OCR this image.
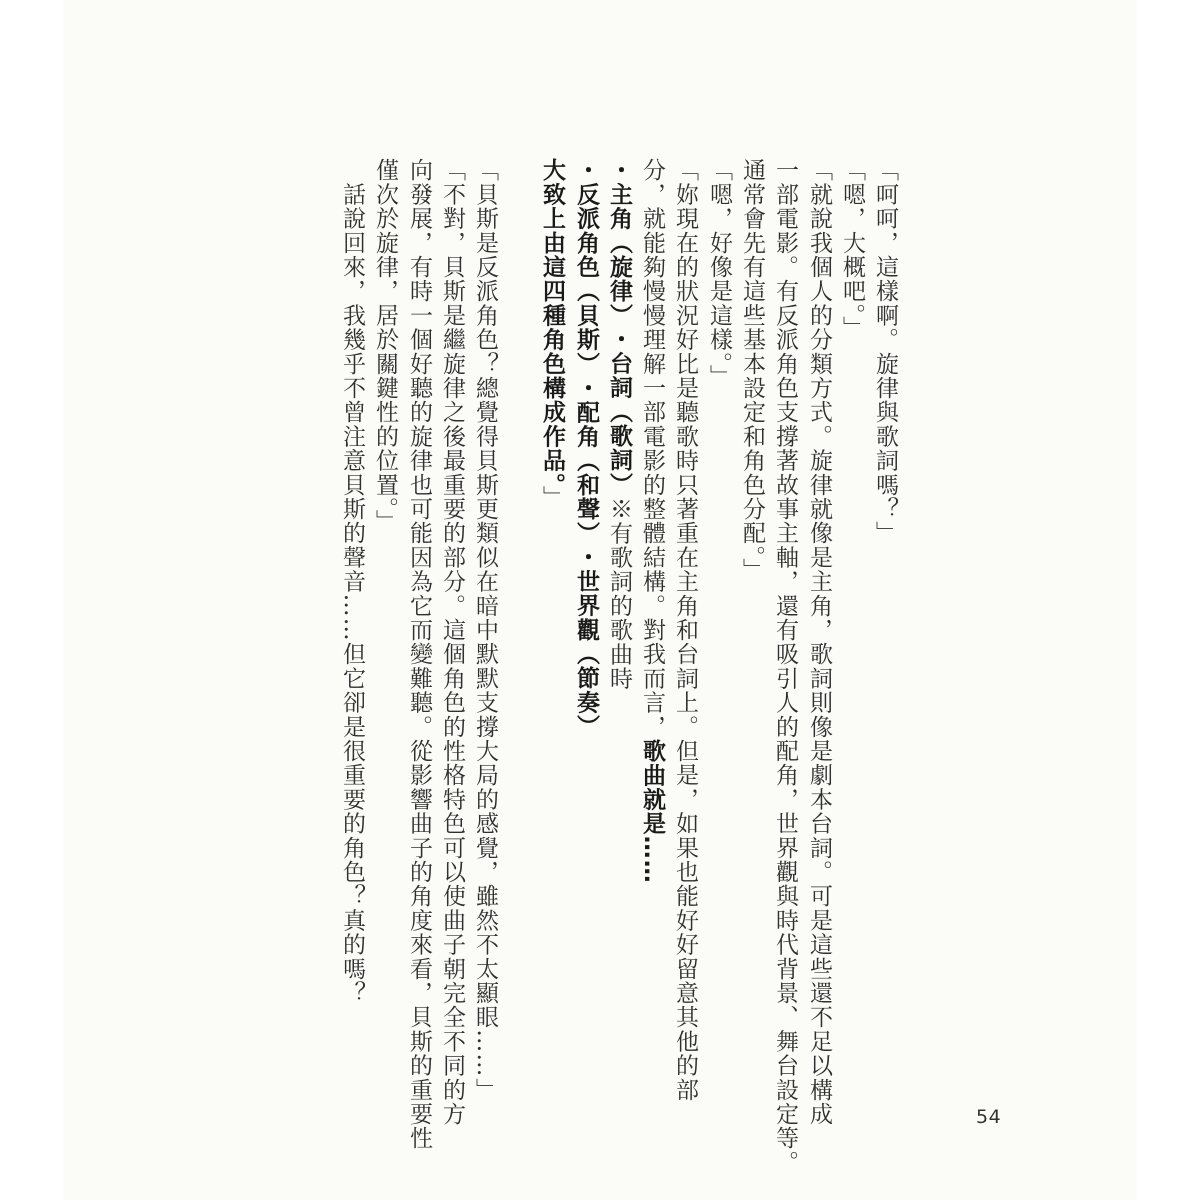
「呵呵，這樣啊。旋律與歌詞嗎？」

「嗯，大概吧。」

「就說我個人的分類方式。旋律就像是主角，歌詞則像是劇本台詞。可是這些還不足以構成

一部電影。有反派角色支撐著故事主軸，還有吸引人的配角，世界觀與時代背景、舞台設定等。

通常會先有這些基本設定和角色分配。」

「嗯，好像是這樣。」

「妳現在的狀況好比是聽歌時只著重在主角和台詞上。但是，如果也能好好留意其他的部

分，就能夠慢慢理解一部電影的整體結構。對我而言，歌曲就是……

・主角（旋律）・台詞（歌詞）※有歌詞的歌曲時

・反派角色（貝斯）・配角（和聲）・世界觀（節奏）

大致上由這四種角色構成作品。」

「貝斯是反派角色？總覺得貝斯更類似在暗中默默支撐大局的感覺，雖然不太顯眼……」

「不對，貝斯是繼旋律之後最重要的部分。這個角色的性格特色可以使曲子朝完全不同的方

向發展，有時一個好聽的旋律也可能因為它而變難聽。從影響曲子的角度來看，貝斯的重要性

僅次於旋律，居於關鍵性的位置。」

　話說回來，我幾乎不曾注意貝斯的聲音……但它卻是很重要的角色？真的嗎？

54
